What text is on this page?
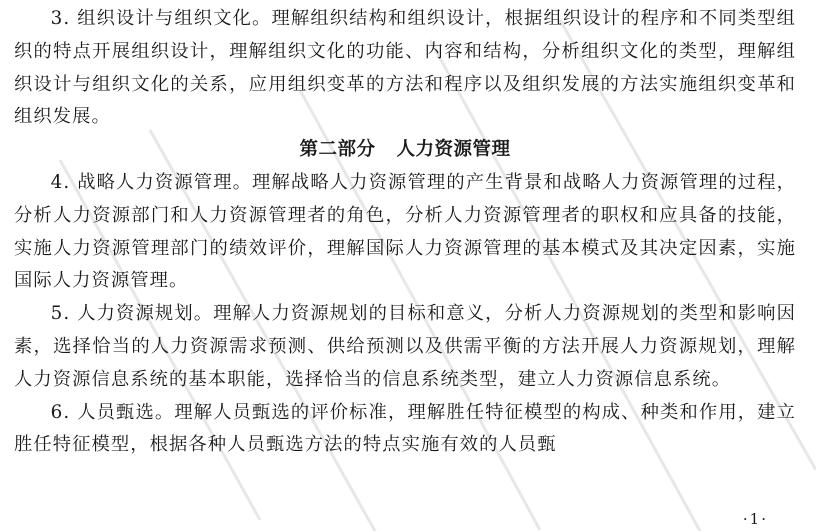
3. 组织设计与组织文化。理解组织结构和组织设计，根据组织设计的程序和不同类型组织的特点开展组织设计，理解组织文化的功能、内容和结构，分析组织文化的类型，理解组织设计与组织文化的关系，应用组织变革的方法和程序以及组织发展的方法实施组织变革和组织发展。

第二部分 人力资源管理

4. 战略人力资源管理。理解战略人力资源管理的产生背景和战略人力资源管理的过程，分析人力资源部门和人力资源管理者的角色，分析人力资源管理者的职权和应具备的技能，实施人力资源管理部门的绩效评价，理解国际人力资源管理的基本模式及其决定因素，实施国际人力资源管理。

5. 人力资源规划。理解人力资源规划的目标和意义，分析人力资源规划的类型和影响因素，选择恰当的人力资源需求预测、供给预测以及供需平衡的方法开展人力资源规划，理解人力资源信息系统的基本职能，选择恰当的信息系统类型，建立人力资源信息系统。

6. 人员甄选。理解人员甄选的评价标准，理解胜任特征模型的构成、种类和作用，建立胜任特征模型，根据各种人员甄选方法的特点实施有效的人员甄

·1·
